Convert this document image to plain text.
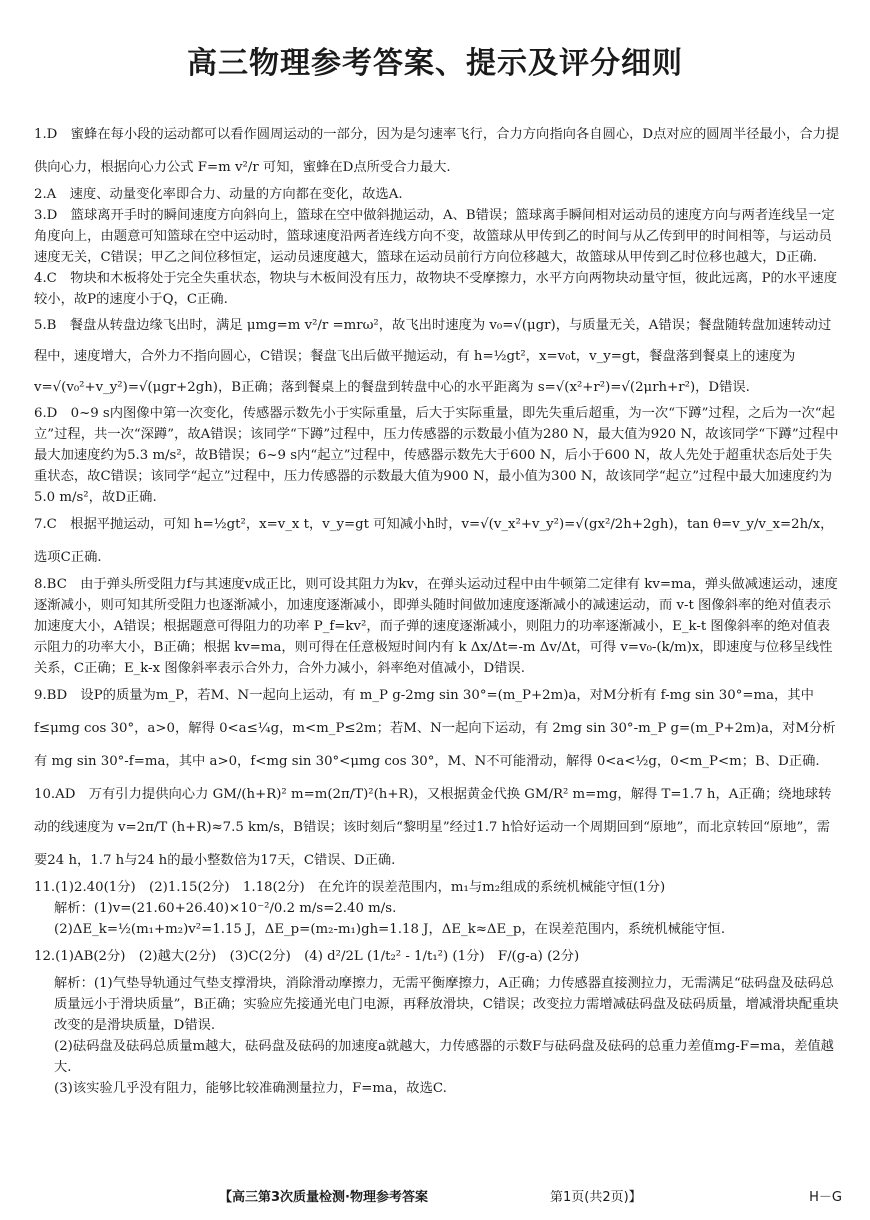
高三物理参考答案、提示及评分细则

1.D　蜜蜂在每小段的运动都可以看作圆周运动的一部分，因为是匀速率飞行，合力方向指向各自圆心，D点对应的圆周半径最小，合力提供向心力，根据向心力公式 F=m v²/r 可知，蜜蜂在D点所受合力最大.

2.A　速度、动量变化率即合力、动量的方向都在变化，故选A.

3.D　篮球离开手时的瞬间速度方向斜向上，篮球在空中做斜抛运动，A、B错误；篮球离手瞬间相对运动员的速度方向与两者连线呈一定角度向上，由题意可知篮球在空中运动时，篮球速度沿两者连线方向不变，故篮球从甲传到乙的时间与从乙传到甲的时间相等，与运动员速度无关，C错误；甲乙之间位移恒定，运动员速度越大，篮球在运动员前行方向位移越大，故篮球从甲传到乙时位移也越大，D正确.

4.C　物块和木板将处于完全失重状态，物块与木板间没有压力，故物块不受摩擦力，水平方向两物块动量守恒，彼此远离，P的水平速度较小，故P的速度小于Q，C正确.

5.B　餐盘从转盘边缘飞出时，满足 μmg=m v²/r =mrω²，故飞出时速度为 v₀=√(μgr)，与质量无关，A错误；餐盘随转盘加速转动过程中，速度增大，合外力不指向圆心，C错误；餐盘飞出后做平抛运动，有 h=½gt²，x=v₀t，v_y=gt，餐盘落到餐桌上的速度为 v=√(v₀²+v_y²)=√(μgr+2gh)，B正确；落到餐桌上的餐盘到转盘中心的水平距离为 s=√(x²+r²)=√(2μrh+r²)，D错误.

6.D　0~9 s内图像中第一次变化，传感器示数先小于实际重量，后大于实际重量，即先失重后超重，为一次“下蹲”过程，之后为一次“起立”过程，共一次“深蹲”，故A错误；该同学“下蹲”过程中，压力传感器的示数最小值为280 N，最大值为920 N，故该同学“下蹲”过程中最大加速度约为5.3 m/s²，故B错误；6~9 s内“起立”过程中，传感器示数先大于600 N，后小于600 N，故人先处于超重状态后处于失重状态，故C错误；该同学“起立”过程中，压力传感器的示数最大值为900 N，最小值为300 N，故该同学“起立”过程中最大加速度约为5.0 m/s²，故D正确.

7.C　根据平抛运动，可知 h=½gt²，x=v_x t，v_y=gt 可知减小h时，v=√(v_x²+v_y²)=√(gx²/2h+2gh)，tan θ=v_y/v_x=2h/x，选项C正确.

8.BC　由于弹头所受阻力f与其速度v成正比，则可设其阻力为kv，在弹头运动过程中由牛顿第二定律有 kv=ma，弹头做减速运动，速度逐渐减小，则可知其所受阻力也逐渐减小，加速度逐渐减小，即弹头随时间做加速度逐渐减小的减速运动，而 v-t 图像斜率的绝对值表示加速度大小，A错误；根据题意可得阻力的功率 P_f=kv²，而子弹的速度逐渐减小，则阻力的功率逐渐减小，E_k-t 图像斜率的绝对值表示阻力的功率大小，B正确；根据 kv=ma，则可得在任意极短时间内有 k Δx/Δt=-m Δv/Δt，可得 v=v₀-(k/m)x，即速度与位移呈线性关系，C正确；E_k-x 图像斜率表示合外力，合外力减小，斜率绝对值减小，D错误.

9.BD　设P的质量为m_P，若M、N一起向上运动，有 m_P g-2mg sin 30°=(m_P+2m)a，对M分析有 f-mg sin 30°=ma，其中 f≤μmg cos 30°，a>0，解得 0<a≤¼g，m<m_P≤2m；若M、N一起向下运动，有 2mg sin 30°-m_P g=(m_P+2m)a，对M分析有 mg sin 30°-f=ma，其中 a>0，f<mg sin 30°<μmg cos 30°，M、N不可能滑动，解得 0<a<½g，0<m_P<m；B、D正确.

10.AD　万有引力提供向心力 GM/(h+R)² m=m(2π/T)²(h+R)，又根据黄金代换 GM/R² m=mg，解得 T=1.7 h，A正确；绕地球转动的线速度为 v=2π/T (h+R)≈7.5 km/s，B错误；该时刻后“黎明星”经过1.7 h恰好运动一个周期回到“原地”，而北京转回“原地”，需要24 h，1.7 h与24 h的最小整数倍为17天，C错误、D正确.

11.(1)2.40(1分)　(2)1.15(2分)　1.18(2分)　在允许的误差范围内，m₁与m₂组成的系统机械能守恒(1分)

解析：(1)v=(21.60+26.40)×10⁻²/0.2 m/s=2.40 m/s.

(2)ΔE_k=½(m₁+m₂)v²=1.15 J，ΔE_p=(m₂-m₁)gh=1.18 J，ΔE_k≈ΔE_p，在误差范围内，系统机械能守恒.

12.(1)AB(2分)　(2)越大(2分)　(3)C(2分)　(4) d²/2L (1/t₂² - 1/t₁²) (1分)　F/(g-a) (2分)

解析：(1)气垫导轨通过气垫支撑滑块，消除滑动摩擦力，无需平衡摩擦力，A正确；力传感器直接测拉力，无需满足“砝码盘及砝码总质量远小于滑块质量”，B正确；实验应先接通光电门电源，再释放滑块，C错误；改变拉力需增减砝码盘及砝码质量，增减滑块配重块改变的是滑块质量，D错误.

(2)砝码盘及砝码总质量m越大，砝码盘及砝码的加速度a就越大，力传感器的示数F与砝码盘及砝码的总重力差值mg-F=ma，差值越大.

(3)该实验几乎没有阻力，能够比较准确测量拉力，F=ma，故选C.

【高三第3次质量检测·物理参考答案	第1页(共2页)】	H－G
